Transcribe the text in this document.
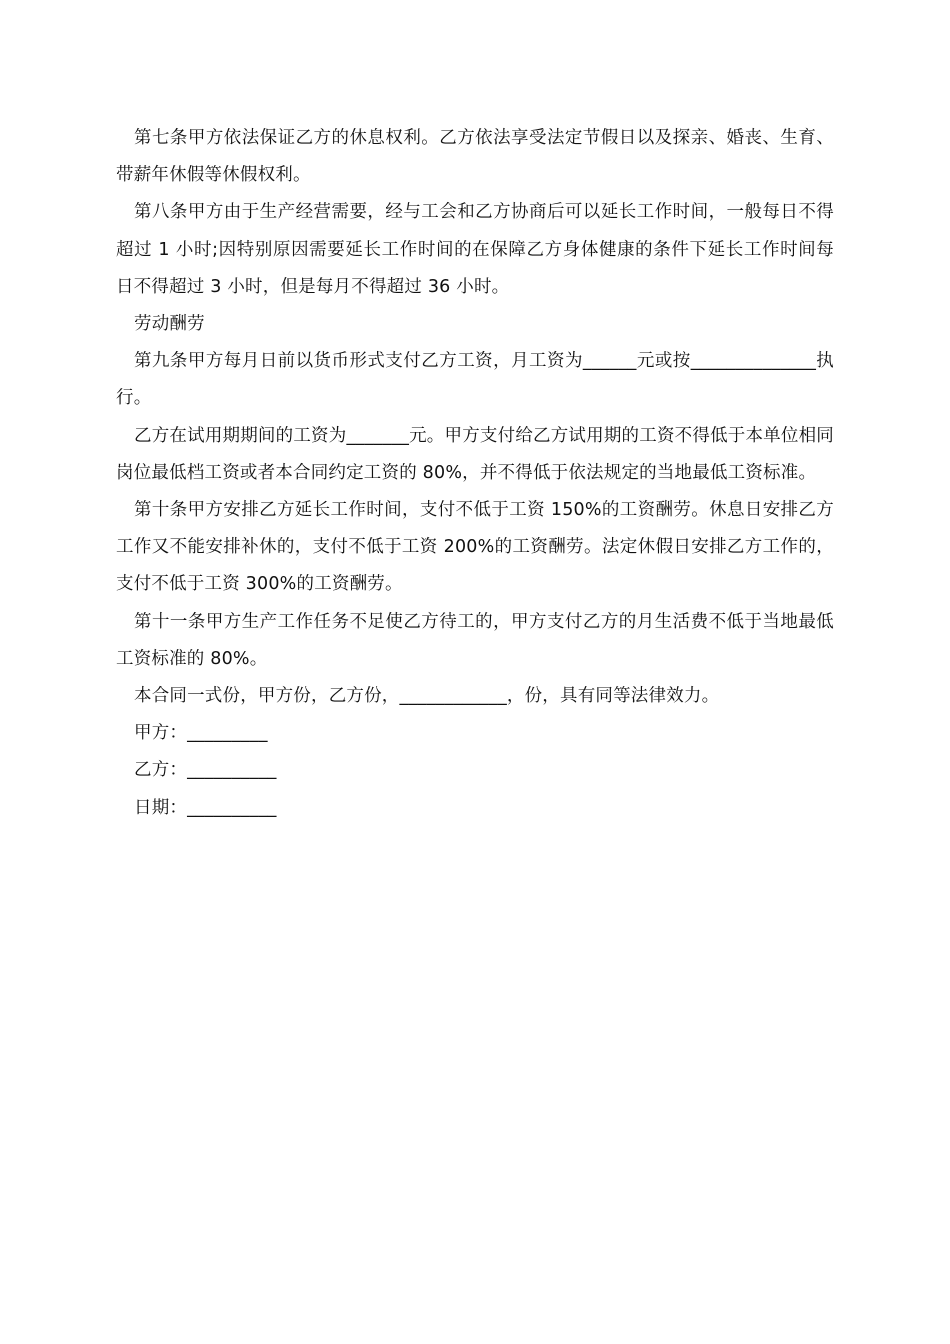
第七条甲方依法保证乙方的休息权利。乙方依法享受法定节假日以及探亲、婚丧、生育、带薪年休假等休假权利。

第八条甲方由于生产经营需要，经与工会和乙方协商后可以延长工作时间，一般每日不得超过 1 小时;因特别原因需要延长工作时间的在保障乙方身体健康的条件下延长工作时间每日不得超过 3 小时，但是每月不得超过 36 小时。

劳动酬劳

第九条甲方每月日前以货币形式支付乙方工资，月工资为______元或按______________执行。

乙方在试用期期间的工资为_______元。甲方支付给乙方试用期的工资不得低于本单位相同岗位最低档工资或者本合同约定工资的 80%，并不得低于依法规定的当地最低工资标准。

第十条甲方安排乙方延长工作时间，支付不低于工资 150%的工资酬劳。休息日安排乙方工作又不能安排补休的，支付不低于工资 200%的工资酬劳。法定休假日安排乙方工作的，支付不低于工资 300%的工资酬劳。

第十一条甲方生产工作任务不足使乙方待工的，甲方支付乙方的月生活费不低于当地最低工资标准的 80%。

本合同一式份，甲方份，乙方份，____________，份，具有同等法律效力。

甲方：_________

乙方：__________

日期：__________
